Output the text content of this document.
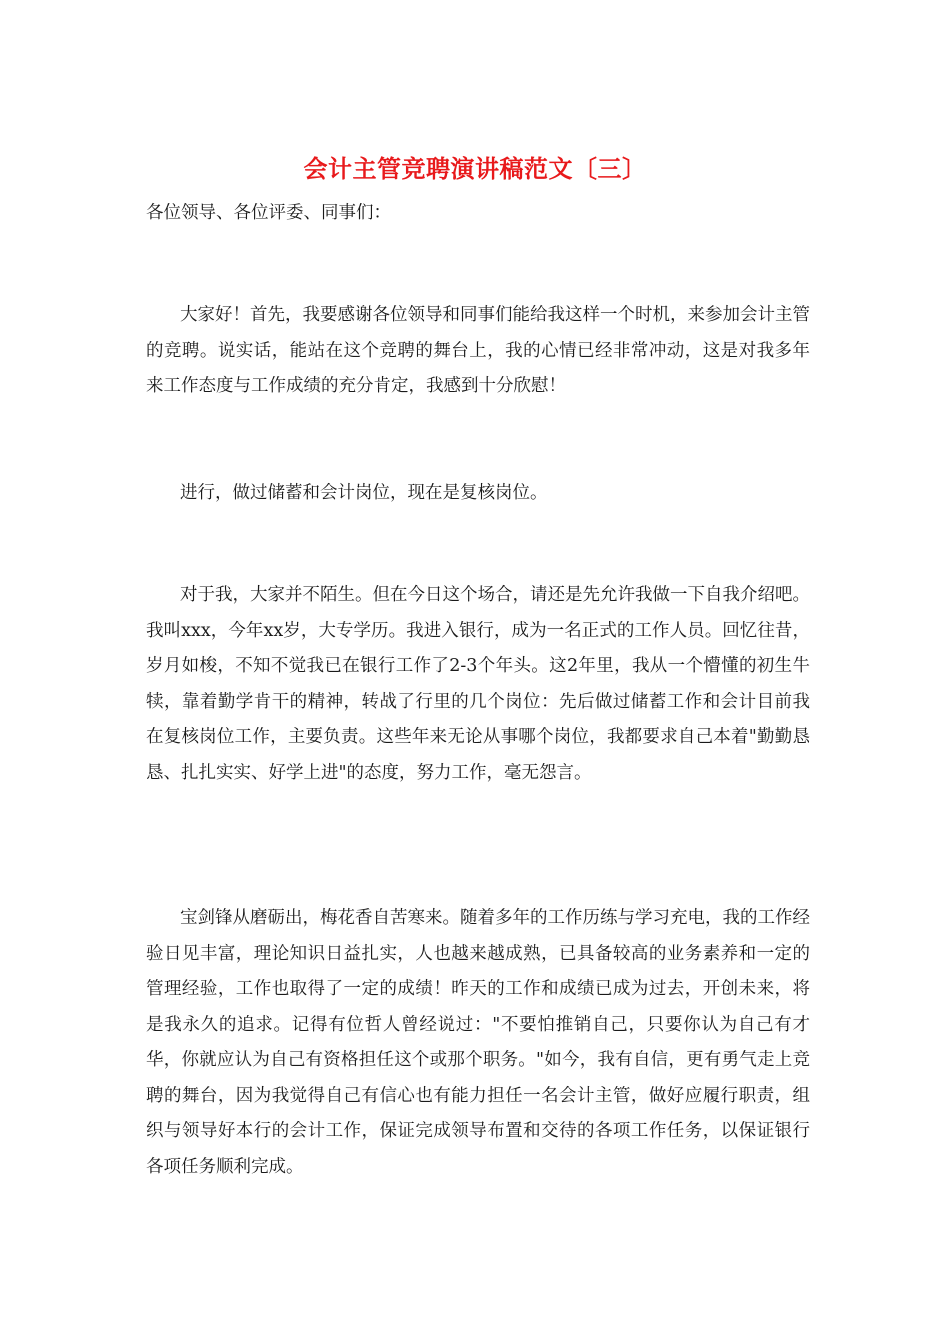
会计主管竞聘演讲稿范文〔三〕
各位领导、各位评委、同事们：

大家好！首先，我要感谢各位领导和同事们能给我这样一个时机，来参加会计主管的竞聘。说实话，能站在这个竞聘的舞台上，我的心情已经非常冲动，这是对我多年来工作态度与工作成绩的充分肯定，我感到十分欣慰！

进行，做过储蓄和会计岗位，现在是复核岗位。

对于我，大家并不陌生。但在今日这个场合，请还是先允许我做一下自我介绍吧。我叫xxx，今年xx岁，大专学历。我进入银行，成为一名正式的工作人员。回忆往昔，岁月如梭，不知不觉我已在银行工作了2-3个年头。这2年里，我从一个懵懂的初生牛犊，靠着勤学肯干的精神，转战了行里的几个岗位：先后做过储蓄工作和会计目前我在复核岗位工作，主要负责。这些年来无论从事哪个岗位，我都要求自己本着"勤勤恳恳、扎扎实实、好学上进"的态度，努力工作，毫无怨言。

宝剑锋从磨砺出，梅花香自苦寒来。随着多年的工作历练与学习充电，我的工作经验日见丰富，理论知识日益扎实，人也越来越成熟，已具备较高的业务素养和一定的管理经验，工作也取得了一定的成绩！昨天的工作和成绩已成为过去，开创未来，将是我永久的追求。记得有位哲人曾经说过："不要怕推销自己，只要你认为自己有才华，你就应认为自己有资格担任这个或那个职务。"如今，我有自信，更有勇气走上竞聘的舞台，因为我觉得自己有信心也有能力担任一名会计主管，做好应履行职责，组织与领导好本行的会计工作，保证完成领导布置和交待的各项工作任务，以保证银行各项任务顺利完成。
